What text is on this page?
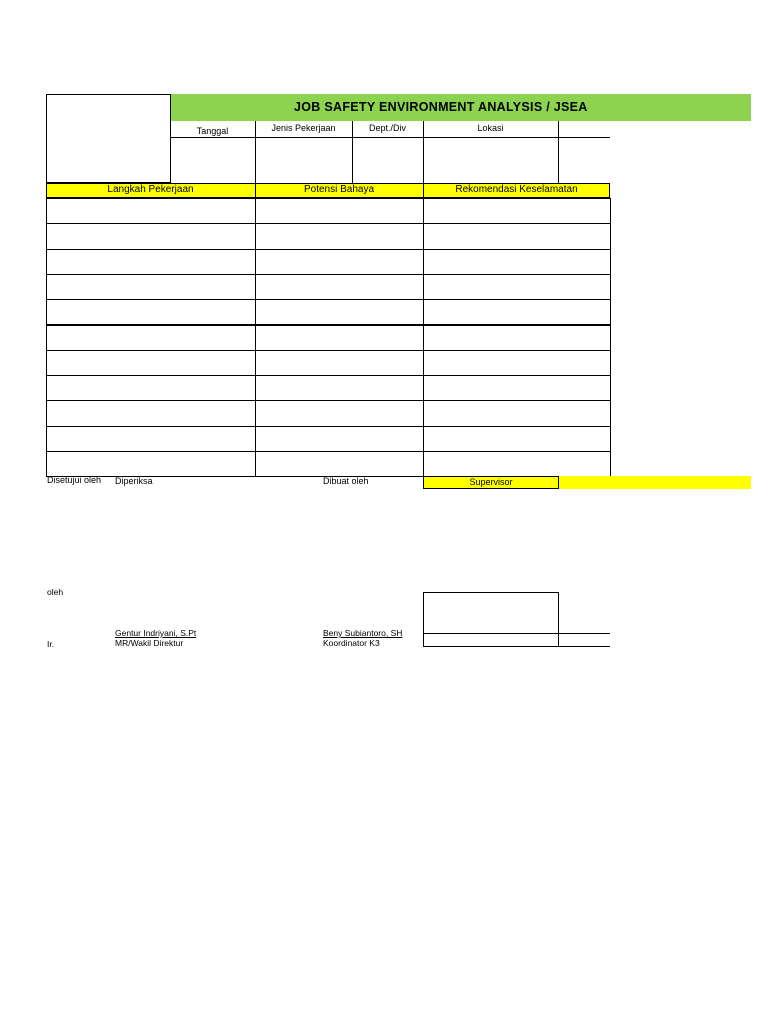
JOB SAFETY ENVIRONMENT ANALYSIS / JSEA
Tanggal	Jenis Pekerjaan	Dept./Div	Lokasi
Langkah Pekerjaan	Potensi Bahaya	Rekomendasi Keselamatan
Disetujui oleh	Diperiksa	Dibuat oleh	Supervisor
oleh
Gentur Indriyani, S.Pt
MR/Wakil Direktur
Ir.
Beny Subiantoro, SH
Koordinator K3
